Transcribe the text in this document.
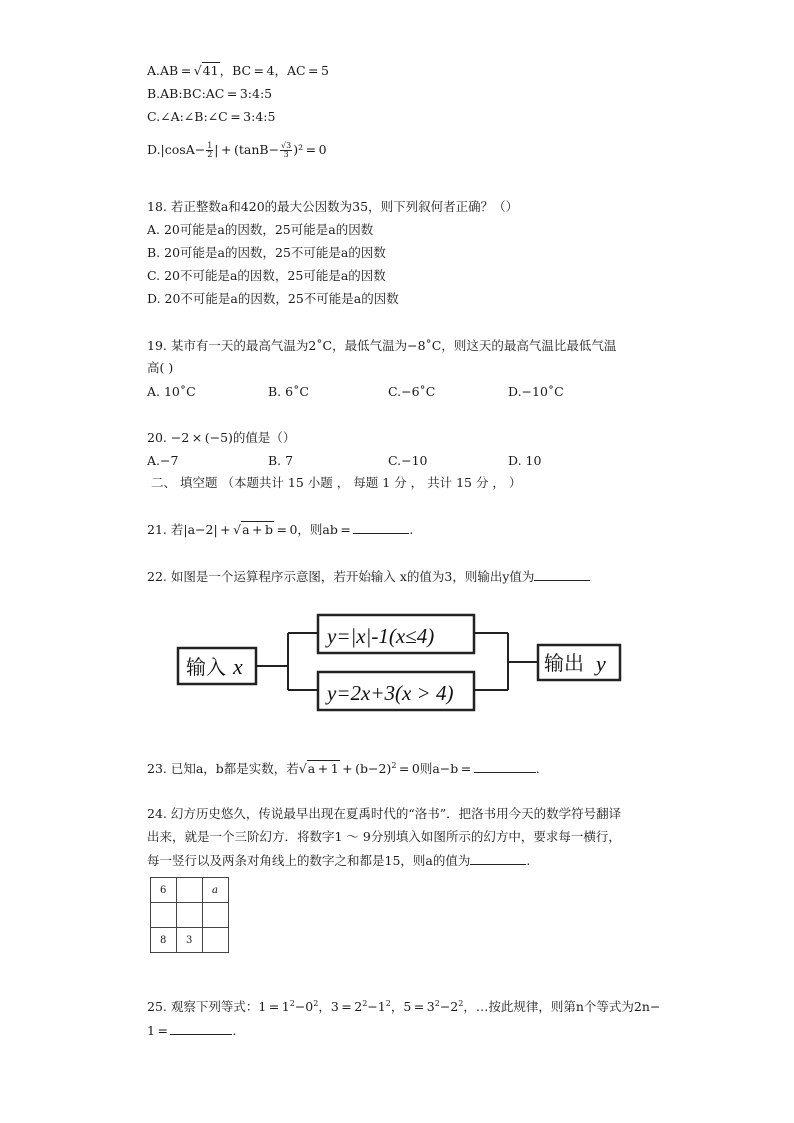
A.AB = √41，BC = 4，AC = 5
B.AB:BC:AC = 3:4:5
C.∠A:∠B:∠C = 3:4:5
$D.|\cos A- \frac{1}{2}$ | + $(\tan B- \frac{√3}{3} )^2 = 0$
18. 若正整数a和420的最大公因数为35，则下列叙何者正确？（）
A. 20可能是a的因数，25可能是a的因数
B. 20可能是a的因数，25不可能是a的因数
C. 20不可能是a的因数，25可能是a的因数
D. 20不可能是a的因数，25不可能是a的因数
19. 某市有一天的最高气温为2˚C，最低气温为−8˚C，则这天的最高气温比最低气温
高( )
A. 10˚C	B. 6˚C	C.−6˚C	D.−10˚C
20. −2 × (−5)的值是（）
A.−7	B. 7	C.−10	D. 10
二、 填空题 （本题共计 15 小题 ， 每题 1 分 ， 共计 15 分 ， ）
21. 若|a−2| + √a + b = 0，则ab = 	.
22. 如图是一个运算程序示意图，若开始输入 x的值为3，则输出y值为
输入 x
y=|x|-1(x≤4)
y=2x+3(x > 4)
输出 y
23. 已知a，b都是实数，若$√a + 1 + (b-2)^2 = 0$则a−b = 	.
24. 幻方历史悠久，传说最早出现在夏禹时代的“洛书”．把洛书用今天的数学符号翻译
出来，就是一个三阶幻方．将数字1 ～ 9分别填入如图所示的幻方中，要求每一横行，
每一竖行以及两条对角线上的数字之和都是15，则a的值为	.
6		a

8	3	
25. 观察下列等式：$1 = 1^2-0^2$，$3 = 2^2-1^2$，$5 = 3^2-2^2$，…按此规律，则第n个等式为2n−
1 = 	.
